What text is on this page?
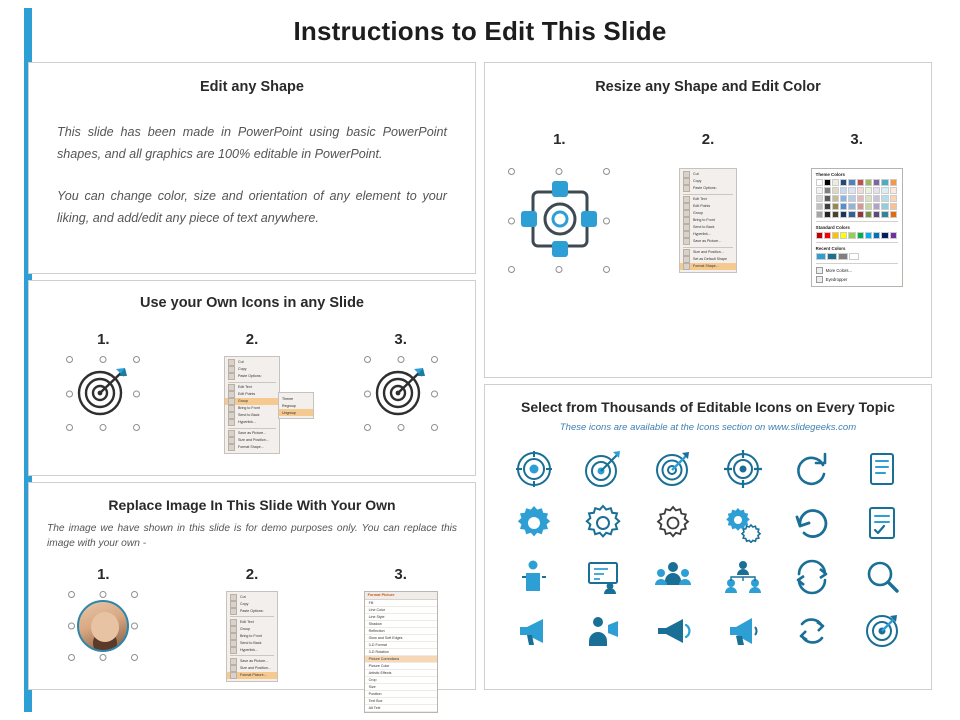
Instructions to Edit This Slide
Edit any Shape
This slide has been made in PowerPoint using basic PowerPoint shapes, and all graphics are 100% editable in PowerPoint.
You can change color, size and orientation of any element to your liking, and add/edit any piece of text anywhere.
Use your Own Icons in any Slide
1.	2.	3.
Cut
Copy
Paste Options:
Edit Text
Edit Points
Group
Bring to Front
Send to Back
Hyperlink...
Save as Picture...
Size and Position...
Format Shape...
Theme
Regroup
Ungroup
Replace Image In This Slide With Your Own
The image we have shown in this slide is for demo purposes only. You can replace this image with your own -
1.	2.	3.
Cut
Copy
Paste Options:
Edit Text
Group
Bring to Front
Send to Back
Hyperlink...
Save as Picture...
Size and Position...
Format Picture...
Format Picture
Fill
Line Color
Line Style
Shadow
Reflection
Glow and Soft Edges
3-D Format
3-D Rotation
Picture Corrections
Picture Color
Artistic Effects
Crop
Size
Position
Text Box
Alt Text
Resize any Shape and Edit Color
1.	2.	3.
Cut
Copy
Paste Options:
Edit Text
Edit Points
Group
Bring to Front
Send to Back
Hyperlink...
Save as Picture...
Size and Position...
Set as Default Shape
Format Shape...
Theme Colors
Standard Colors
Recent Colors
More Colors...
Eyedropper
Select from Thousands of Editable Icons on Every Topic
These icons are available at the Icons section on www.slidegeeks.com
